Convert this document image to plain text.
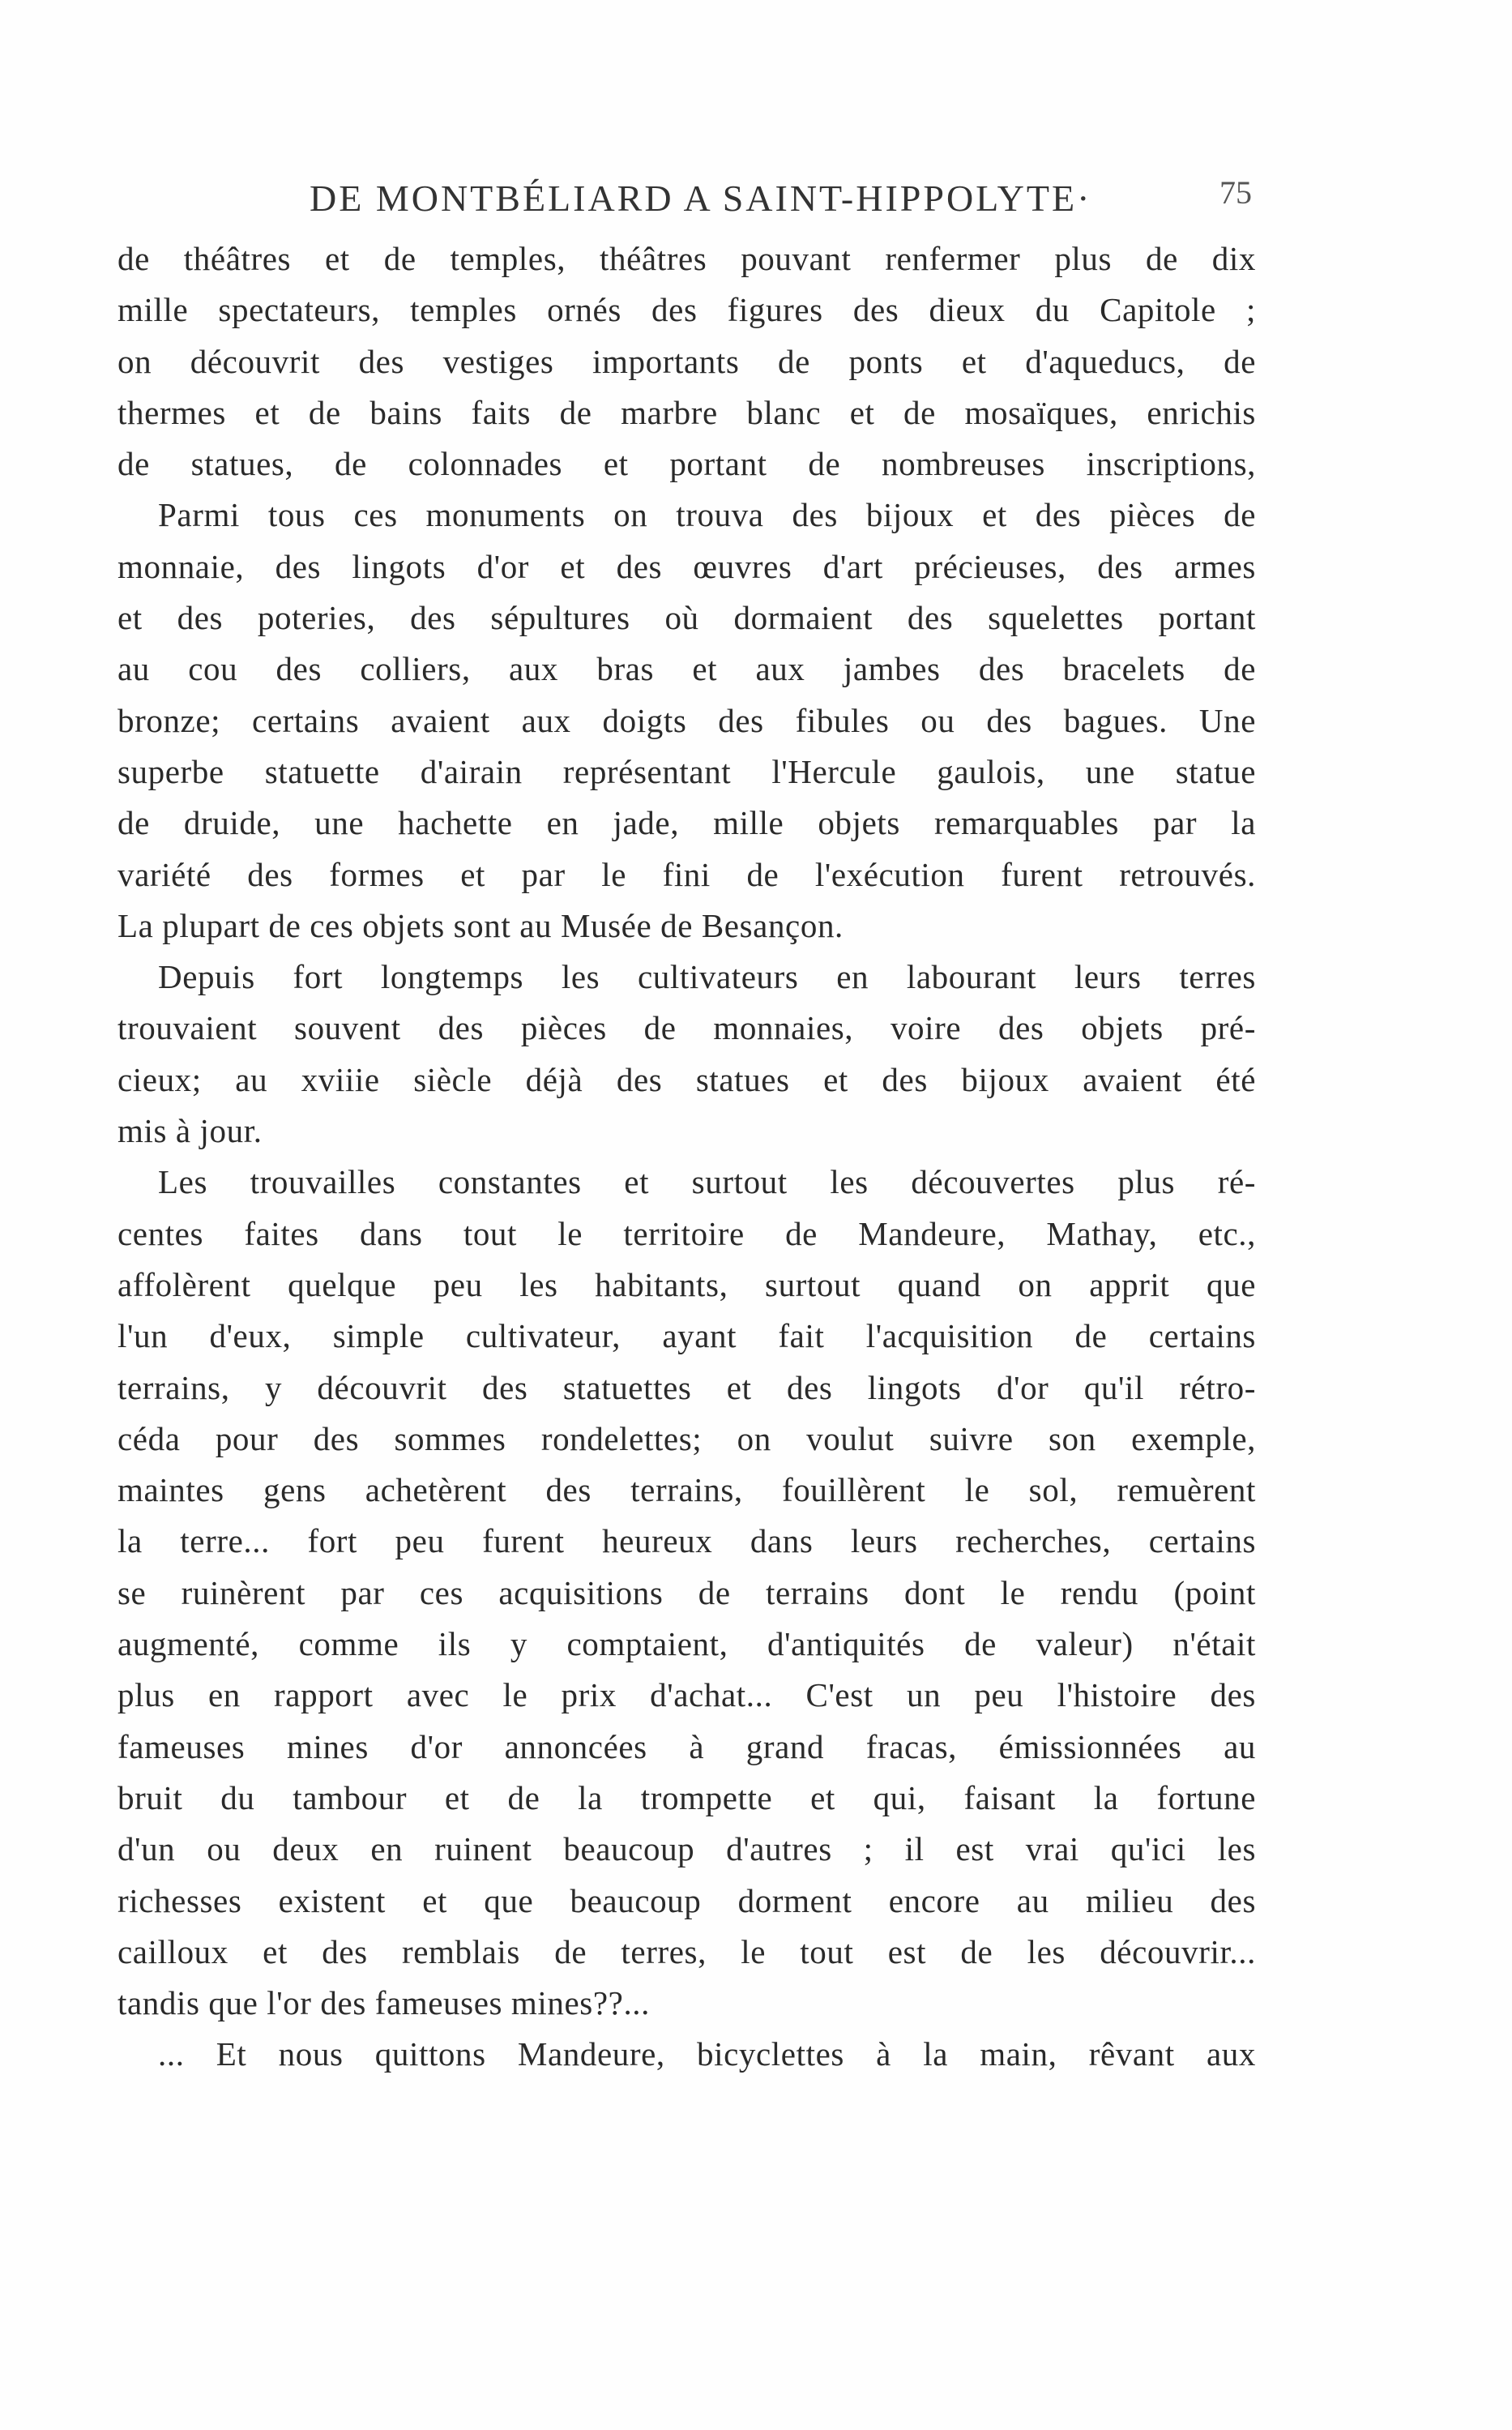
DE MONTBÉLIARD A SAINT-HIPPOLYTE·	75
de théâtres et de temples, théâtres pouvant renfermer plus de dix
mille spectateurs, temples ornés des figures des dieux du Capitole ;
on découvrit des vestiges importants de ponts et d'aqueducs, de
thermes et de bains faits de marbre blanc et de mosaïques, enrichis
de statues, de colonnades et portant de nombreuses inscriptions,
Parmi tous ces monuments on trouva des bijoux et des pièces de
monnaie, des lingots d'or et des œuvres d'art précieuses, des armes
et des poteries, des sépultures où dormaient des squelettes portant
au cou des colliers, aux bras et aux jambes des bracelets de
bronze; certains avaient aux doigts des fibules ou des bagues. Une
superbe statuette d'airain représentant l'Hercule gaulois, une statue
de druide, une hachette en jade, mille objets remarquables par la
variété des formes et par le fini de l'exécution furent retrouvés.
La plupart de ces objets sont au Musée de Besançon.
Depuis fort longtemps les cultivateurs en labourant leurs terres
trouvaient souvent des pièces de monnaies, voire des objets pré-
cieux; au xviiie siècle déjà des statues et des bijoux avaient été
mis à jour.
Les trouvailles constantes et surtout les découvertes plus ré-
centes faites dans tout le territoire de Mandeure, Mathay, etc.,
affolèrent quelque peu les habitants, surtout quand on apprit que
l'un d'eux, simple cultivateur, ayant fait l'acquisition de certains
terrains, y découvrit des statuettes et des lingots d'or qu'il rétro-
céda pour des sommes rondelettes; on voulut suivre son exemple,
maintes gens achetèrent des terrains, fouillèrent le sol, remuèrent
la terre... fort peu furent heureux dans leurs recherches, certains
se ruinèrent par ces acquisitions de terrains dont le rendu (point
augmenté, comme ils y comptaient, d'antiquités de valeur) n'était
plus en rapport avec le prix d'achat... C'est un peu l'histoire des
fameuses mines d'or annoncées à grand fracas, émissionnées au
bruit du tambour et de la trompette et qui, faisant la fortune
d'un ou deux en ruinent beaucoup d'autres ; il est vrai qu'ici les
richesses existent et que beaucoup dorment encore au milieu des
cailloux et des remblais de terres, le tout est de les découvrir...
tandis que l'or des fameuses mines??...
... Et nous quittons Mandeure, bicyclettes à la main, rêvant aux
